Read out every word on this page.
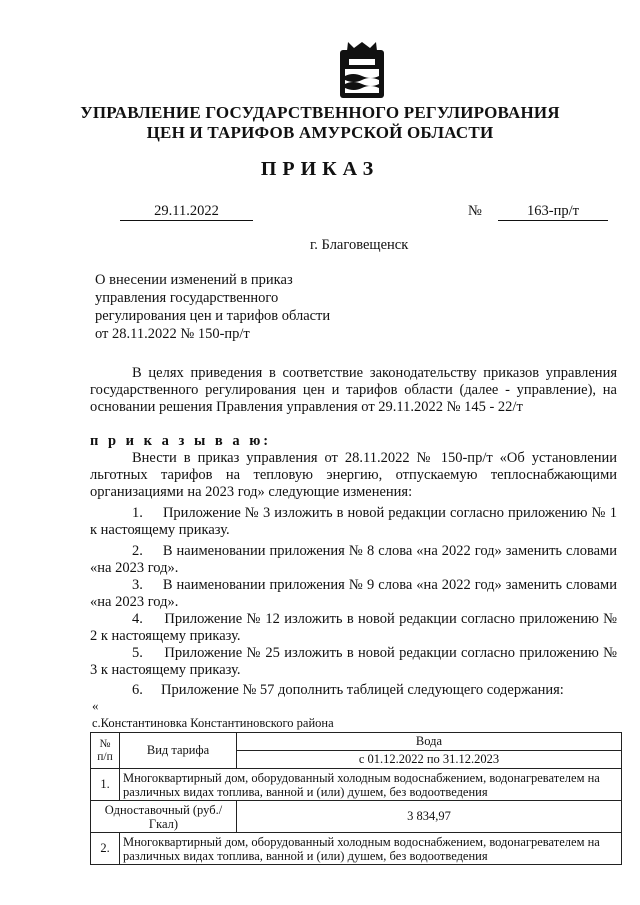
УПРАВЛЕНИЕ ГОСУДАРСТВЕННОГО РЕГУЛИРОВАНИЯ
ЦЕН И ТАРИФОВ АМУРСКОЙ ОБЛАСТИ
ПРИКАЗ
29.11.2022	№	163-пр/т
г. Благовещенск
О внесении изменений в приказ
управления государственного
регулирования цен и тарифов области
от 28.11.2022 № 150-пр/т
В целях приведения в соответствие законодательству приказов управления государственного регулирования цен и тарифов области (далее - управление), на основании решения Правления управления от 29.11.2022 № 145 - 22/т
п р и к а з ы в а ю:
Внести в приказ управления от 28.11.2022 № 150-пр/т «Об установлении льготных тарифов на тепловую энергию, отпускаемую теплоснабжающими организациями на 2023 год» следующие изменения:
1. Приложение № 3 изложить в новой редакции согласно приложению № 1 к настоящему приказу.
2. В наименовании приложения № 8 слова «на 2022 год» заменить словами «на 2023 год».
3. В наименовании приложения № 9 слова «на 2022 год» заменить словами «на 2023 год».
4. Приложение № 12 изложить в новой редакции согласно приложению № 2 к настоящему приказу.
5. Приложение № 25 изложить в новой редакции согласно приложению № 3 к настоящему приказу.
6. Приложение № 57 дополнить таблицей следующего содержания:
«
с.Константиновка Константиновского района
№ п/п	Вид тарифа	Вода
		с 01.12.2022 по 31.12.2023
1.	Многоквартирный дом, оборудованный холодным водоснабжением, водонагревателем на различных видах топлива, ванной и (или) душем, без водоотведения	
Одноставочный (руб./Гкал)		3 834,97
2.	Многоквартирный дом, оборудованный холодным водоснабжением, водонагревателем на различных видах топлива, ванной и (или) душем, без водоотведения	
